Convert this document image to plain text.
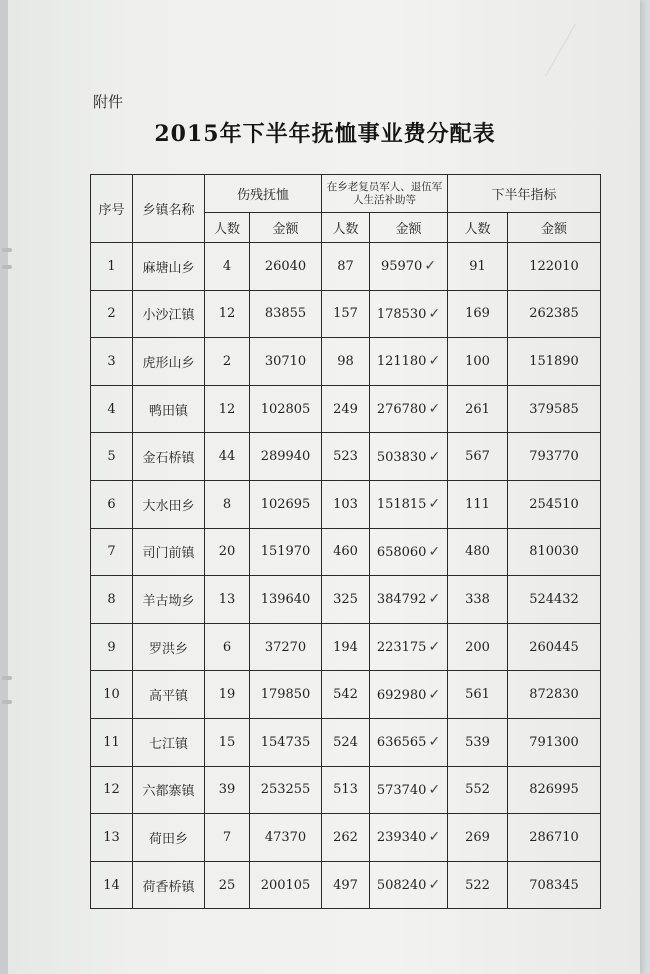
附件
2015年下半年抚恤事业费分配表
序号	乡镇名称	伤残抚恤		在乡老复员军人、退伍军人生活补助等		下半年指标	
		人数	金额	人数	金额	人数	金额
1	麻塘山乡	4	26040	87	95970 ✓	91	122010
2	小沙江镇	12	83855	157	178530 ✓	169	262385
3	虎形山乡	2	30710	98	121180 ✓	100	151890
4	鸭田镇	12	102805	249	276780 ✓	261	379585
5	金石桥镇	44	289940	523	503830 ✓	567	793770
6	大水田乡	8	102695	103	151815 ✓	111	254510
7	司门前镇	20	151970	460	658060 ✓	480	810030
8	羊古坳乡	13	139640	325	384792 ✓	338	524432
9	罗洪乡	6	37270	194	223175 ✓	200	260445
10	高平镇	19	179850	542	692980 ✓	561	872830
11	七江镇	15	154735	524	636565 ✓	539	791300
12	六都寨镇	39	253255	513	573740 ✓	552	826995
13	荷田乡	7	47370	262	239340 ✓	269	286710
14	荷香桥镇	25	200105	497	508240 ✓	522	708345
